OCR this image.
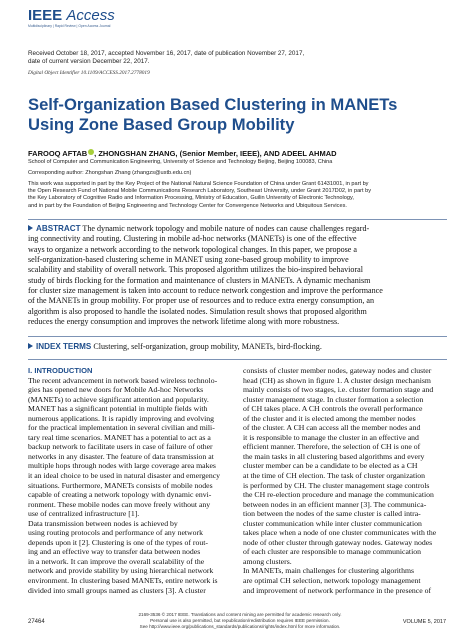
IEEE Access
Multidisciplinary | Rapid Review | Open Access Journal
Received October 18, 2017, accepted November 16, 2017, date of publication November 27, 2017,
date of current version December 22, 2017.
Digital Object Identifier 10.1109/ACCESS.2017.2778019
Self-Organization Based Clustering in MANETs
Using Zone Based Group Mobility
FAROOQ AFTAB , ZHONGSHAN ZHANG, (Senior Member, IEEE), AND ADEEL AHMAD
School of Computer and Communication Engineering, University of Science and Technology Beijing, Beijing 100083, China
Corresponding author: Zhongshan Zhang (zhangzs@ustb.edu.cn)
This work was supported in part by the Key Project of the National Natural Science Foundation of China under Grant 61431001, in part by
the Open Research Fund of National Mobile Communications Research Laboratory, Southeast University, under Grant 2017D02, in part by
the Key Laboratory of Cognitive Radio and Information Processing, Ministry of Education, Guilin University of Electronic Technology,
and in part by the Foundation of Beijing Engineering and Technology Center for Convergence Networks and Ubiquitous Services.
ABSTRACT The dynamic network topology and mobile nature of nodes can cause challenges regard-
ing connectivity and routing. Clustering in mobile ad-hoc networks (MANETs) is one of the effective
ways to organize a network according to the network topological changes. In this paper, we propose a
self-organization-based clustering scheme in MANET using zone-based group mobility to improve
scalability and stability of overall network. This proposed algorithm utilizes the bio-inspired behavioral
study of birds flocking for the formation and maintenance of clusters in MANETs. A dynamic mechanism
for cluster size management is taken into account to reduce network congestion and improve the performance
of the MANETs in group mobility. For proper use of resources and to reduce extra energy consumption, an
algorithm is also proposed to handle the isolated nodes. Simulation result shows that proposed algorithm
reduces the energy consumption and improves the network lifetime along with more robustness.
INDEX TERMS Clustering, self-organization, group mobility, MANETs, bird-flocking.
I. INTRODUCTION
The recent advancement in network based wireless technolo-
gies has opened new doors for Mobile Ad-hoc Networks
(MANETs) to achieve significant attention and popularity.
MANET has a significant potential in multiple fields with
numerous applications. It is rapidly improving and evolving
for the practical implementation in several civilian and mili-
tary real time scenarios. MANET has a potential to act as a
backup network to facilitate users in case of failure of other
networks in any disaster. The feature of data transmission at
multiple hops through nodes with large coverage area makes
it an ideal choice to be used in natural disaster and emergency
situations. Furthermore, MANETs consists of mobile nodes
capable of creating a network topology with dynamic envi-
ronment. These mobile nodes can move freely without any
use of centralized infrastructure [1].
Data transmission between nodes is achieved by
using routing protocols and performance of any network
depends upon it [2]. Clustering is one of the types of rout-
ing and an effective way to transfer data between nodes
in a network. It can improve the overall scalability of the
network and provide stability by using hierarchical network
environment. In clustering based MANETs, entire network is
divided into small groups named as clusters [3]. A cluster
consists of cluster member nodes, gateway nodes and cluster
head (CH) as shown in figure 1. A cluster design mechanism
mainly consists of two stages, i.e. cluster formation stage and
cluster management stage. In cluster formation a selection
of CH takes place. A CH controls the overall performance
of the cluster and it is elected among the member nodes
of the cluster. A CH can access all the member nodes and
it is responsible to manage the cluster in an effective and
efficient manner. Therefore, the selection of CH is one of
the main tasks in all clustering based algorithms and every
cluster member can be a candidate to be elected as a CH
at the time of CH election. The task of cluster organization
is performed by CH. The cluster management stage controls
the CH re-election procedure and manage the communication
between nodes in an efficient manner [3]. The communica-
tion between the nodes of the same cluster is called intra-
cluster communication while inter cluster communication
takes place when a node of one cluster communicates with the
node of other cluster through gateway nodes. Gateway nodes
of each cluster are responsible to manage communication
among clusters.
In MANETs, main challenges for clustering algorithms
are optimal CH selection, network topology management
and improvement of network performance in the presence of
27464
2169-3536 © 2017 IEEE. Translations and content mining are permitted for academic research only.
Personal use is also permitted, but republication/redistribution requires IEEE permission.
See http://www.ieee.org/publications_standards/publications/rights/index.html for more information.
VOLUME 5, 2017
